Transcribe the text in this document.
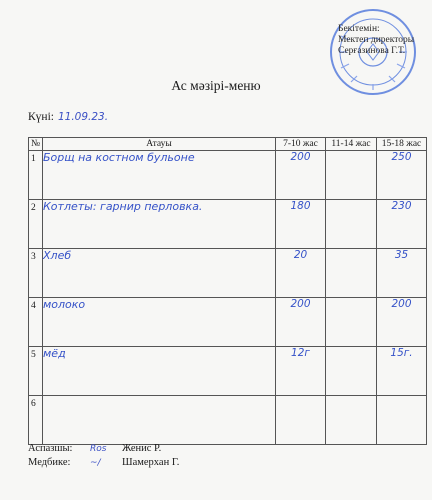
Бекітемін:
Мектеп директоры
Серғазинова Г.Т.
Ас мәзірі-меню
Күні: 11.09.23.
№	Атауы	7-10 жас	11-14 жас	15-18 жас
1	Борщ на костном бульоне	200		250
2	Котлеты: гарнир перловка.	180		230
3	Хлеб	20		35
4	молоко	200		200
5	мёд	12г		15г.
6				
Аспазшы: Ros Женис Р.
Медбике: ~/ Шамерхан Г.
